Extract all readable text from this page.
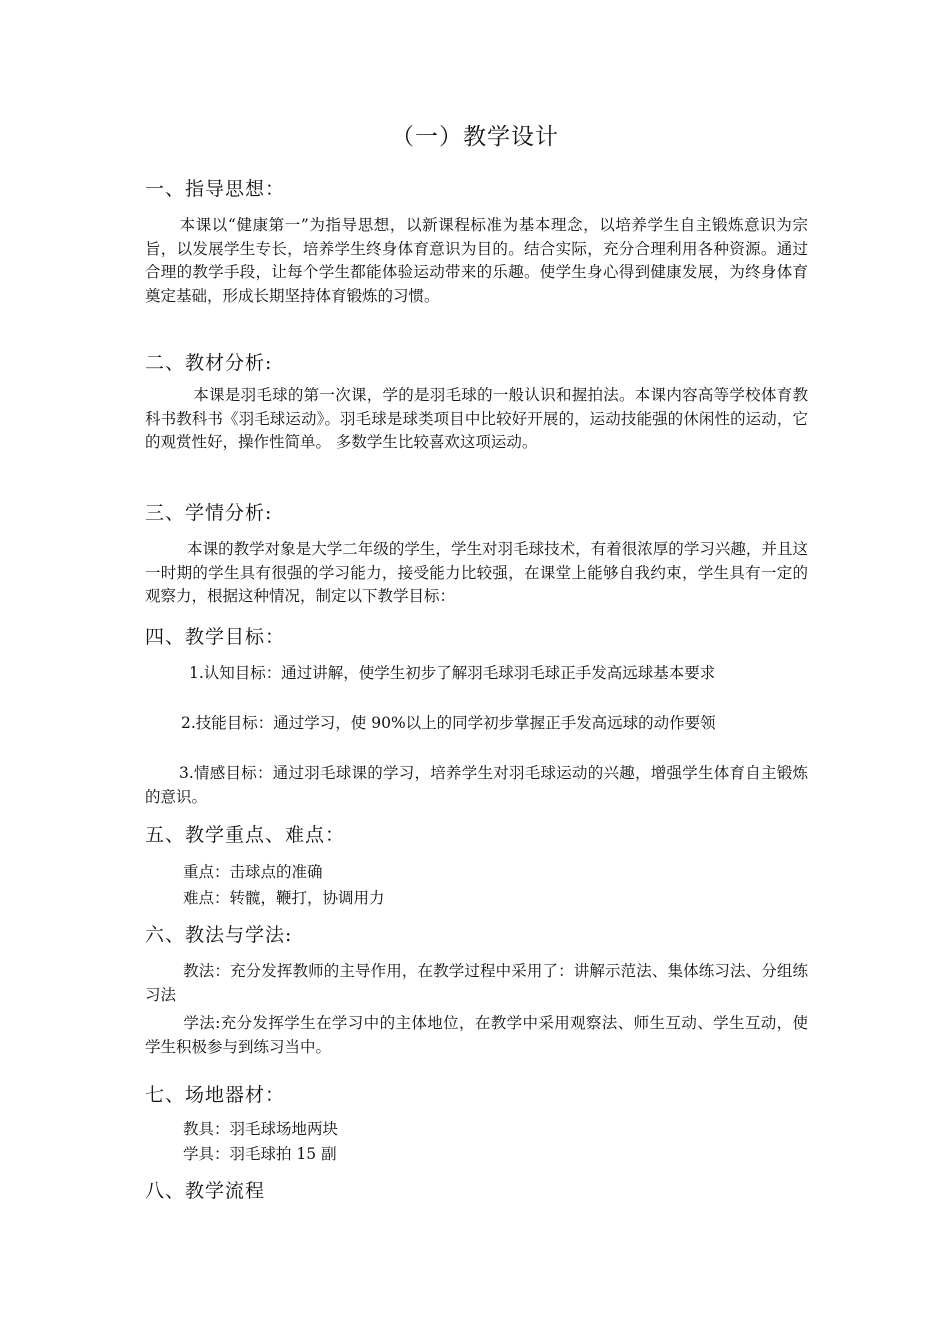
（一）教学设计
一、指导思想：
本课以“健康第一”为指导思想，以新课程标准为基本理念，以培养学生自主锻炼意识为宗旨，以发展学生专长，培养学生终身体育意识为目的。结合实际，充分合理利用各种资源。通过合理的教学手段，让每个学生都能体验运动带来的乐趣。使学生身心得到健康发展，为终身体育奠定基础，形成长期坚持体育锻炼的习惯。
二、教材分析:
本课是羽毛球的第一次课，学的是羽毛球的一般认识和握拍法。本课内容高等学校体育教科书教科书《羽毛球运动》。羽毛球是球类项目中比较好开展的，运动技能强的休闲性的运动，它的观赏性好，操作性简单。 多数学生比较喜欢这项运动。
三、学情分析:
本课的教学对象是大学二年级的学生，学生对羽毛球技术，有着很浓厚的学习兴趣，并且这一时期的学生具有很强的学习能力，接受能力比较强，在课堂上能够自我约束，学生具有一定的观察力，根据这种情况，制定以下教学目标：
四、教学目标：
1.认知目标：通过讲解，使学生初步了解羽毛球羽毛球正手发高远球基本要求
2.技能目标：通过学习，使 90%以上的同学初步掌握正手发高远球的动作要领
3.情感目标：通过羽毛球课的学习，培养学生对羽毛球运动的兴趣，增强学生体育自主锻炼的意识。
五、教学重点、难点：
重点：击球点的准确
难点：转髋，鞭打，协调用力
六、教法与学法:
教法：充分发挥教师的主导作用，在教学过程中采用了：讲解示范法、集体练习法、分组练习法
学法:充分发挥学生在学习中的主体地位，在教学中采用观察法、师生互动、学生互动，使学生积极参与到练习当中。
七、场地器材：
教具：羽毛球场地两块
学具：羽毛球拍 15 副
八、教学流程
